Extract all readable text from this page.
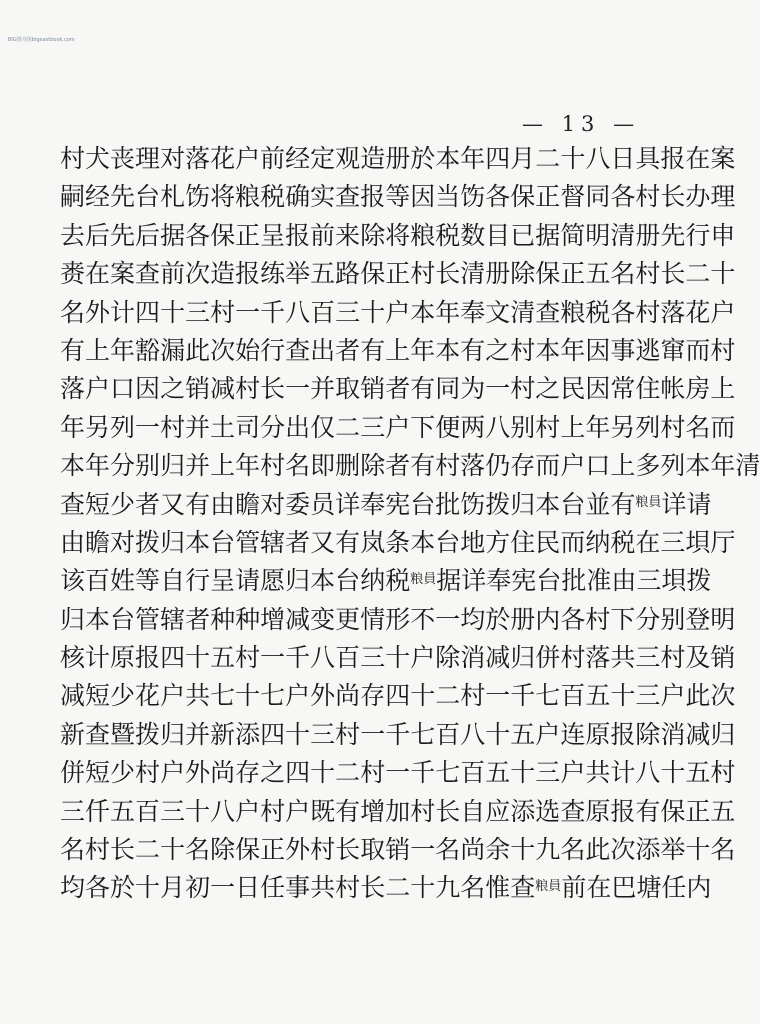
BIG图书馆bigeastbook.com
— 13 —
村 犬 丧 理 对 落 花 户 前 经 定 观 造 册 於 本 年 四 月 二 十 八 日 具 报 在 案
嗣 经 先 台 札 饬 将 粮 税 确 实 查 报 等 因 当 饬 各 保 正 督 同 各 村 长 办 理
去 后 先 后 据 各 保 正 呈 报 前 来 除 将 粮 税 数 目 已 据 简 明 清 册 先 行 申
赉 在 案 查 前 次 造 报 练 举 五 路 保 正 村 长 清 册 除 保 正 五 名 村 长 二 十
名 外 计 四 十 三 村 一 千 八 百 三 十 户 本 年 奉 文 清 查 粮 税 各 村 落 花 户
有 上 年 豁 漏 此 次 始 行 查 出 者 有 上 年 本 有 之 村 本 年 因 事 逃 窜 而 村
落 户 口 因 之 销 减 村 长 一 并 取 销 者 有 同 为 一 村 之 民 因 常 住 帐 房 上
年 另 列 一 村 并 土 司 分 出 仅 二 三 户 下 便 两 八 别 村 上 年 另 列 村 名 而
本 年 分 别 归 并 上 年 村 名 即 删 除 者 有 村 落 仍 存 而 户 口 上 多 列 本 年 清
查 短 少 者 又 有 由 瞻 对 委 员 详 奉 宪 台 批 饬 拨 归 本 台 並 有 粮員 详 请
由 瞻 对 拨 归 本 台 管 辖 者 又 有 岚 条 本 台 地 方 住 民 而 纳 税 在 三 垻 厅
该 百 姓 等 自 行 呈 请 愿 归 本 台 纳 税 粮員 据 详 奉 宪 台 批 准 由 三 垻 拨
归 本 台 管 辖 者 种 种 增 减 变 更 情 形 不 一 均 於 册 内 各 村 下 分 别 登 明
核 计 原 报 四 十 五 村 一 千 八 百 三 十 户 除 消 减 归 併 村 落 共 三 村 及 销
减 短 少 花 户 共 七 十 七 户 外 尚 存 四 十 二 村 一 千 七 百 五 十 三 户 此 次
新 查 暨 拨 归 并 新 添 四 十 三 村 一 千 七 百 八 十 五 户 连 原 报 除 消 减 归
併 短 少 村 户 外 尚 存 之 四 十 二 村 一 千 七 百 五 十 三 户 共 计 八 十 五 村
三 仟 五 百 三 十 八 户 村 户 既 有 增 加 村 长 自 应 添 选 查 原 报 有 保 正 五
名 村 长 二 十 名 除 保 正 外 村 长 取 销 一 名 尚 余 十 九 名 此 次 添 举 十 名
均 各 於 十 月 初 一 日 任 事 共 村 长 二 十 九 名 惟 查 粮員 前 在 巴 塘 任 内
